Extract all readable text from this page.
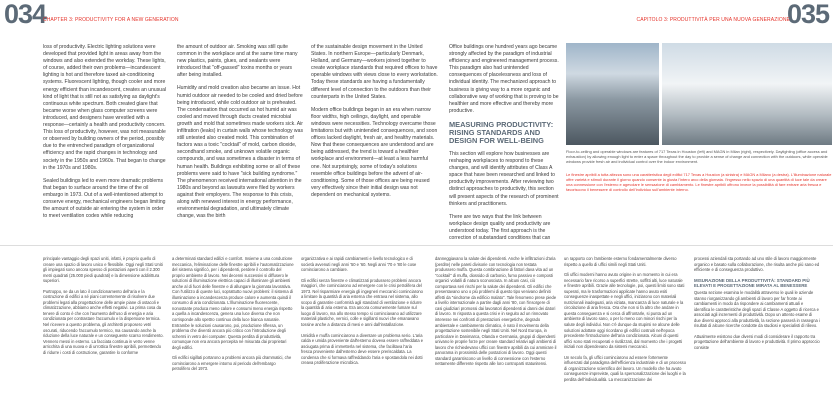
034	035
CHAPTER 3: PRODUCTIVITY FOR A NEW GENERATION	CAPITOLO 3: PRODUTTIVITÀ PER UNA NUOVA GENERAZIONE

loss of productivity. Electric lighting solutions were developed that provided light in areas away from the windows and also extended the workday. These lights, of course, added their own problems—incandescent lighting is hot and therefore taxed air-conditioning systems. Fluorescent lighting, though cooler and more energy efficient than incandescent, creates an unusual kind of light that is still not as satisfying as daylight's continuous white spectrum. Both created glare that became worse when glass computer screens were introduced, and designers have wrestled with a response—certainly a health and productivity concern. This loss of productivity, however, was not measurable or observed by building owners of the period, possibly due to the entrenched paradigm of organizational efficiency and the rapid changes in technology and society in the 1950s and 1960s. That began to change in the 1970s and 1980s.

Sealed buildings led to even more dramatic problems that began to surface around the time of the oil embargo in 1973. Out of a well-intentioned attempt to conserve energy, mechanical engineers began limiting the amount of outside air entering the system in order to meet ventilation codes while reducing

the amount of outdoor air. Smoking was still quite common in the workplace and at the same time many new plastics, paints, glues, and sealants were introduced that "off-gassed" toxins months or years after being installed.

Humidity and mold creation also became an issue. Hot humid outdoor air needed to be cooled and dried before being introduced, while cold outdoor air is preheated. The condensation that occurred as hot humid air was cooled and moved through ducts created microbial growth and mold that sometimes made workers sick. Air infiltration (leaks) in curtain walls whose technology was still untested also created mold. This combination of factors was a toxic "cocktail" of mold, carbon dioxide, secondhand smoke, and unknown volatile organic compounds, and was sometimes a disaster in terms of human health. Buildings exhibiting some or all of these problems were said to have "sick building syndrome." The phenomenon received international attention in the 1980s and beyond as lawsuits were filed by workers against their employers. The response to this crisis, along with renewed interest in energy performance, environmental degradation, and ultimately climate change, was the birth

of the sustainable design movement in the United States. In northern Europe—particularly Denmark, Holland, and Germany—workers joined together to create workplace standards that required offices to have operable windows with views close to every workstation. Today these standards are having a fundamentally different level of connection to the outdoors than their counterparts in the United States.

Modern office buildings began in an era when narrow floor widths, high ceilings, daylight, and operable windows were necessities. Technology overcame those limitations but with unintended consequences, and soon offices lacked daylight, fresh air, and healthy materials. Now that these consequences are understood and are being addressed, the trend is toward a healthier workplace and environment—at least a less harmful one. Not surprisingly, some of today's solutions resemble office buildings before the advent of air-conditioning. Some of those offices are being reused very effectively since their initial design was not dependent on mechanical systems.

Office buildings one hundred years ago became strongly affected by the paradigm of industrial efficiency and engineered management process. This paradigm also had unintended consequences of placelessness and loss of individual identity. The mechanized approach to business is giving way to a more organic and collaborative way of working that is proving to be healthier and more effective and thereby more productive.

MEASURING PRODUCTIVITY: RISING STANDARDS AND DESIGN FOR WELL-BEING

This section will explore how businesses are reshaping workplaces to respond to these changes, and will identify attributes of Class A space that have been researched and linked to productivity improvements. After reviewing two distinct approaches to productivity, this section will present aspects of the research of prominent thinkers and practitioners.

There are two ways that the link between workplace design quality and productivity are understood today. The first approach is the correction of substandard conditions that can

Floor-to-ceiling and operable windows are features of 717 Texas in Houston (left) and MAGN in Milan (right), respectively. Daylighting (office access and exhaustion) by allowing enough light to enter a space throughout the day to provide a sense of change and connection with the outdoors, while operable windows provide fresh air and individual control over the indoor environment.
Le finestre apribili a tutta altezza sono una caratteristica degli edifici 717 Texas a Houston (a sinistra) e MAGN a Milano (a destra). L'illuminazione naturale offre varietà e stimoli durante il giorno quando consente la giusta l'intero arco della giornata. l'ingresso nello spazio di una quantità di luce tale da creare una connessione con l'esterno e agevolare le sensazione di cambiamento. Le finestre apribili offrono invece la possibilità di fare entrare aria fresca e favoriscono il benessere di controllo dell'individuo sull'ambiente interno.

principale vantaggio degli spazi uniti, infatti, è proprio quello di creare una spazio di lavoro unico e flessibile. Oggi negli Stati Uniti gli impiegati sono ancora spesso di postazioni aperti con il 2.300 metri quadrati (25.000 piedi quadrati) e la dimensione addirittura superiori.

Purtroppo, se da un lato il condizionamento dell'aria e la costruzione di edifici a sé piani correntemente di risolvere due problemi legati alla progettazione delle ampie piane di ostacoli e climatizzazione, abbiamo anche effetti negativi. La prima cosa da tenere di conto è che con l'aumento dell'uso di energia e aria condizionata per contrastare l'accumulo e la dispersione termica. Nel ricevere a questo problema, gli architetti proposero vetri oscurati, riducendo l'accumulo termico, ma causando anche la riduzione della luce naturale e un conseguente scarso rendimento. Vennero messi in esterno. La facciata continua in vetro venne arricchita di una nuova e di un'ottica finestre apribili, permettendo di ridurre i costi di costruzione, garantire lo conforme

a determinati standard edilizi e comfort. Insieme a una conduzione meccanica, l'eliminazione delle finestre apribili e l'automatizzazione del sistema significò, per i dipendenti, perdere il controllo del proprio ambiente di lavoro. Nei decenni successivi si diffusero le soluzioni di illuminazione elettrica capaci di illuminare gli ambienti anche al di fuori delle finestre e di allungare la giornata lavorativa. Con l'utilizzo di queste luci, soprattutto nuovi problemi: il sistema di illuminazione a incandescenza produce calore e aumenta quindi il consumo di aria condizionata. L'illuminazione fluorescente, nonostante produca meno calore e consumi meno energia rispetto a quella a incandescenza, genera una luce diversa che non corrisponde allo spettro continuo della luce bianca naturale. Entrambe le soluzioni causarono, poi, produzione riflessa, un problema che diventò ancora più critico con l'introduzione degli schermi in vetro dei computer. Questa perdita di produttività, comunque non era ancora percepita né misurata dai proprietari degli edifici.

Gli edifici sigillati portarono a problemi ancora più drammatici, che cominciarono a emergere intorno al periodo dell'embargo petrolifero del 1973.

organizzativa e ai rapidi cambiamenti e livello tecnologico e di società avvenuti negli anni '50 e '60. Negli anni '70 e '80 le cose cominciarono a cambiare.

Gli edifici senza finestre e climatizzati produssero problemi ancora maggiori, che cominciarono ad emergere con le crisi petrolifera del 1973. Nel risparmiare energia gli ingegneri meccanici cominciarono a limitare la quantità di aria esterna che entrava nel sistema, allo scopo di garantire conformità agli standard di ventilazione e ridurre la quantità di aria esterna. Era ancora comunemente fumare sul luogo di lavoro, ma allo stesso tempo si cominciavano ad utilizzare materiali plastiche, vernici, colle e sigillanti nuovi che emanavano tossine anche a distanza di mesi e anni dall'installazione.

Umidità e muffa cominciarono a diventare un problema serio. L'aria calda e umida proveniente dall'esterno doveva essere raffreddata e asciugata prima di immetterla nel sistema, che facilitava l'aria fresca proveniente dall'esterno deve essere preriscaldata. La condensa che si formava raffreddando l'aria e spostandola nei dotti creava proliferazione microbica.

danneggiavano la salute dei dipendenti. Anche le infiltrazioni d'aria (perdite) nelle pareti divisorie con tecnologia non testata produssero muffa. Questa combinazione di fattori dava vita ad un "cocktail" di muffa, diossido di carbonio, fumo passivo e composti organici volatili di natura sconosciuta. In alcuni casi, ciò comportava seri rischi per la salute dei dipendenti. Gli edifici che presentavano uno o più problemi di questo tipo venivano definiti affetti da "sindrome da edificio malato". Tale fenomeno prese piede a livello internazionale a partire dagli anni '80, con l'insorgere di casi giudiziari promossi dai lavoratori dipendenti ai danni dei datori di lavoro. In risposta a questa crisi e in seguito ad un rinnovato interesse nei confronti di prestazioni energetiche, degrado ambientale e cambiamento climatico, è nato il movimento della progettazione sostenibile negli Stati Uniti. Nel Nord Europa, in particolare in Danimarca, Olanda e Germania, gruppi di dipendenti univano le proprie forze per creare standard relativi agli ambienti di lavoro che richiedevano uffici con finestre apribili da cui ammirare il panorama in prossimità delle postazioni di lavoro. Oggi questi standard garantiscono un livello di connessione con l'esterno nettamente differente rispetto alle loro controparti statunitensi.

un rapporto con l'ambiente esterno fondamentalmente diverso rispetto a quello di uffici simili negli Stati Uniti.

Gli uffici moderni hanno avuto origine in un momento in cui era necessario fare ricorso a superfici strette, soffitti alti, luce naturale e finestre apribili. Grazie alle tecnologie, poi, questi limiti sono stati superati, ma le trasformazioni applicate hanno avuto esiti conseguenze inaspettate e negli uffici, iniziarono con materiali nutrizionali inadeguati, aria viziata, mancanza di luce naturale e la circolazione di aria fresca. Ora che non si fa altro che andare in questa conseguenza e si cerca di affrontarle, si punta ad un ambiente di lavoro sano, o per lo meno con minori rischi per la salute degli individui. Non c'è dunque da stupirsi se alcune delle soluzioni adottate oggi ricordano gli edifici costruiti nell'epoca precedente l'introduzione dell'aria condizionata. Alcuni di questi uffici sono stati recuperati e riutilizzati, dal momento che i progetti iniziali non dipendevano da sistemi meccanici.

Un secolo fa, gli uffici cominciarono ad essere fortemente influenzati dal paradigma dell'efficienza industriale e di un processo di organizzazione scientifico del lavoro. Un modello che ha avuto conseguenze impreviste, quali la spersonalizzazione dei luoghi e la perdita dell'individualità. La meccanizzazione dei

processi aziendali sta portando ad uno stile di lavoro maggiormente organico e basato sulla collaborazione, che risulta anche più sano ed efficiente e di conseguenza produttivo.

MISURAZIONE DELLA PRODUTTIVITÀ: STANDARD PIÙ ELEVATI E PROGETTAZIONE MIRATA AL BENESSERE

Questa sezione esamina le modalità attraverso le quali le aziende stanno riorganizzando gli ambienti di lavoro per far fronte ai cambiamenti in modo da rispondere ai cambiamenti attuali e identifica le caratteristiche degli spazi di Classe A oggetto di ricerca e associati agli incrementi di produttività. Dopo un attento esame di due diversi approcci alla produttività, la sezione passerà in rassegna i risultati di alcune ricerche condotte da studiosi e specialisti di rilievo.

Attualmente esistono due diversi modi di considerare il rapporto tra progettazione dell'ambiente di lavoro e produttività. Il primo approccio consiste
